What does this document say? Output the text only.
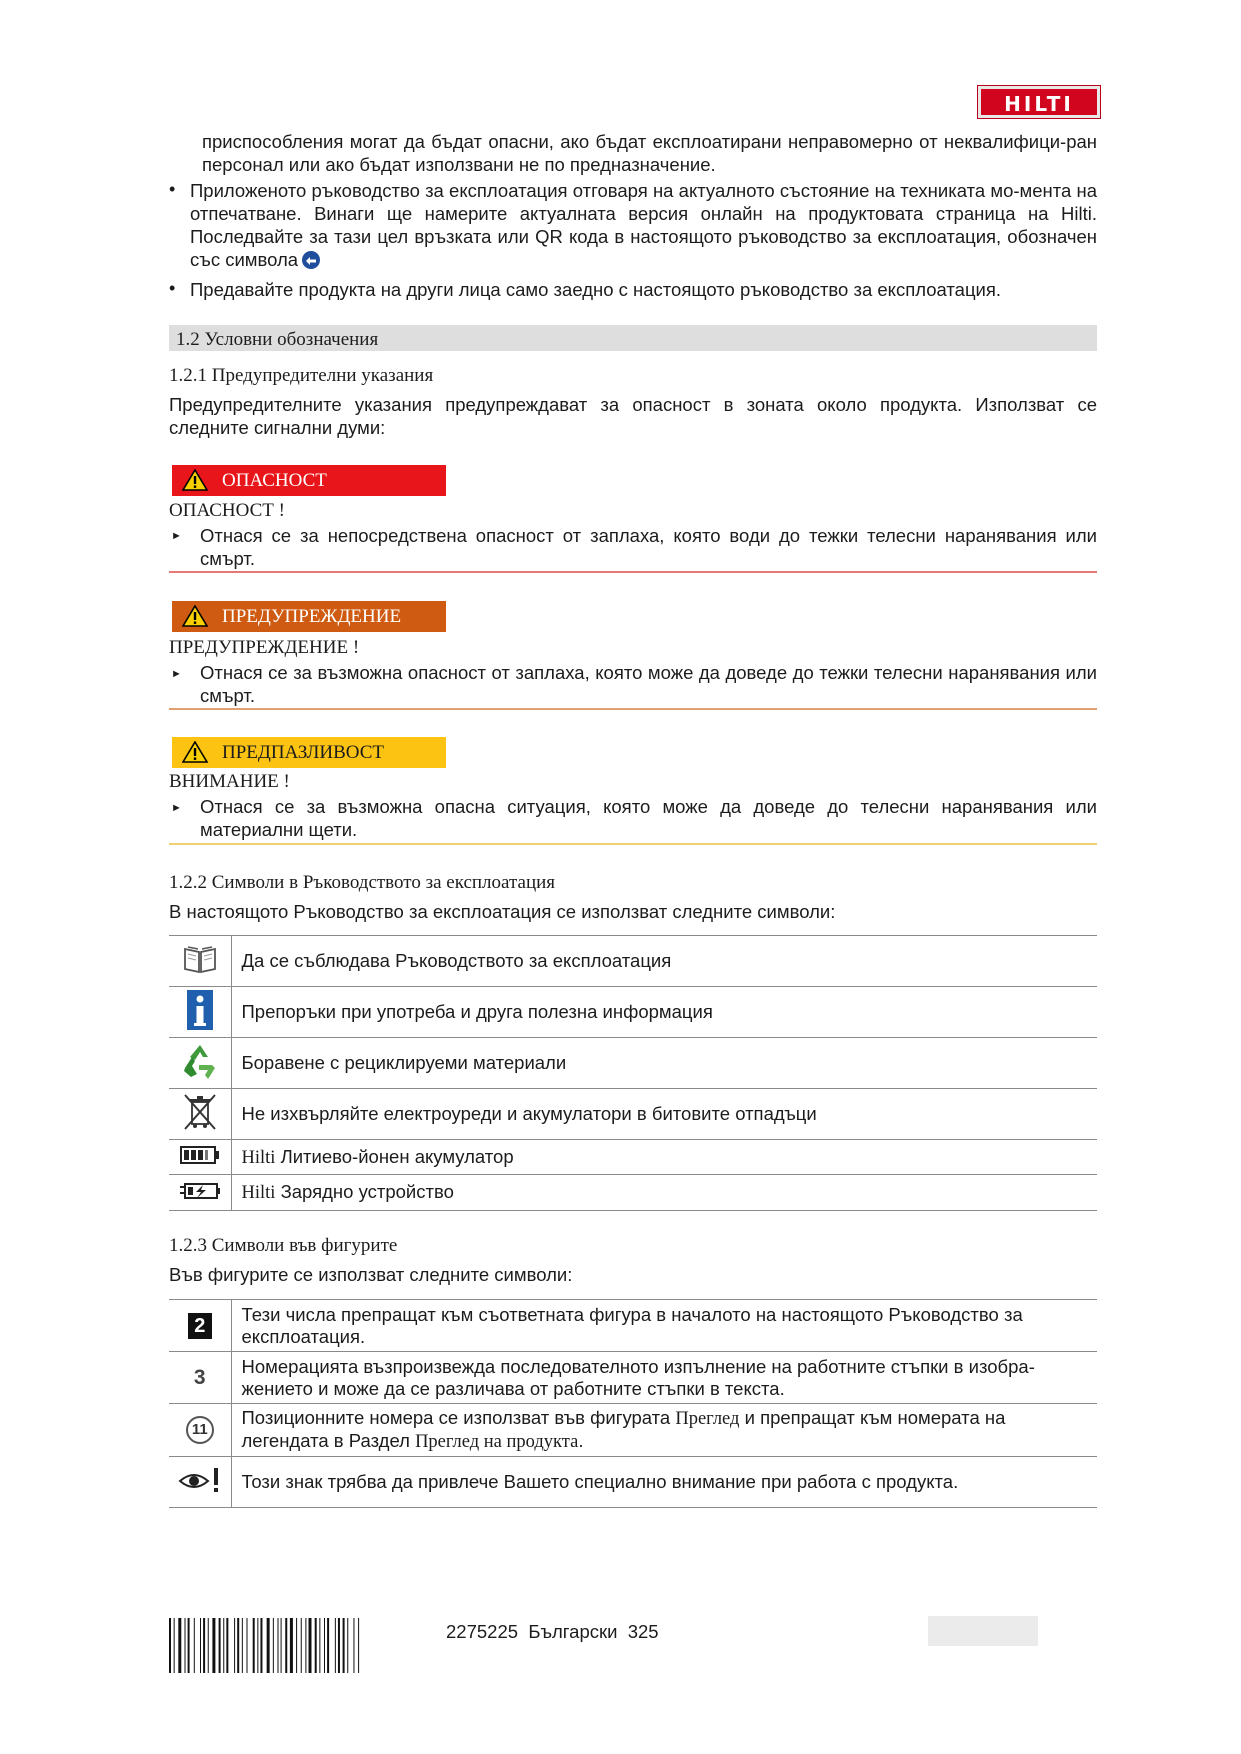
HILTI

приспособления могат да бъдат опасни, ако бъдат експлоатирани неправомерно от неквалифици-ран персонал или ако бъдат използвани не по предназначение.

• Приложеното ръководство за експлоатация отговаря на актуалното състояние на техниката мо-мента на отпечатване. Винаги ще намерите актуалната версия онлайн на продуктовата страница на Hilti. Последвайте за тази цел връзката или QR кода в настоящото ръководство за експлоатация, обозначен със символа

• Предавайте продукта на други лица само заедно с настоящото ръководство за експлоатация.

1.2 Условни обозначения
1.2.1 Предупредителни указания

Предупредителните указания предупреждават за опасност в зоната около продукта. Използват се следните сигнални думи:

ОПАСНОСТ
ОПАСНОСТ !
► Отнася се за непосредствена опасност от заплаха, която води до тежки телесни наранявания или смърт.

ПРЕДУПРЕЖДЕНИЕ
ПРЕДУПРЕЖДЕНИЕ !
► Отнася се за възможна опасност от заплаха, която може да доведе до тежки телесни наранявания или смърт.

ПРЕДПАЗЛИВОСТ
ВНИМАНИЕ !
► Отнася се за възможна опасна ситуация, която може да доведе до телесни наранявания или материални щети.

1.2.2 Символи в Ръководството за експлоатация

В настоящото Ръководство за експлоатация се използват следните символи:

	Да се съблюдава Ръководството за експлоатация
	Препоръки при употреба и друга полезна информация
	Боравене с рециклируеми материали
	Не изхвърляйте електроуреди и акумулатори в битовите отпадъци
	Hilti Литиево-йонен акумулатор
	Hilti Зарядно устройство
1.2.3 Символи във фигурите

Във фигурите се използват следните символи:

2	Тези числа препращат към съответната фигура в началото на настоящото Ръководство за експлоатация.
3	Номерацията възпроизвежда последователното изпълнение на работните стъпки в изобра-жението и може да се различава от работните стъпки в текста.
11	Позиционните номера се използват във фигурата Преглед и препращат към номерата на легендата в Раздел Преглед на продукта.
	Този знак трябва да привлече Вашето специално внимание при работа с продукта.
2275225 Български 325
